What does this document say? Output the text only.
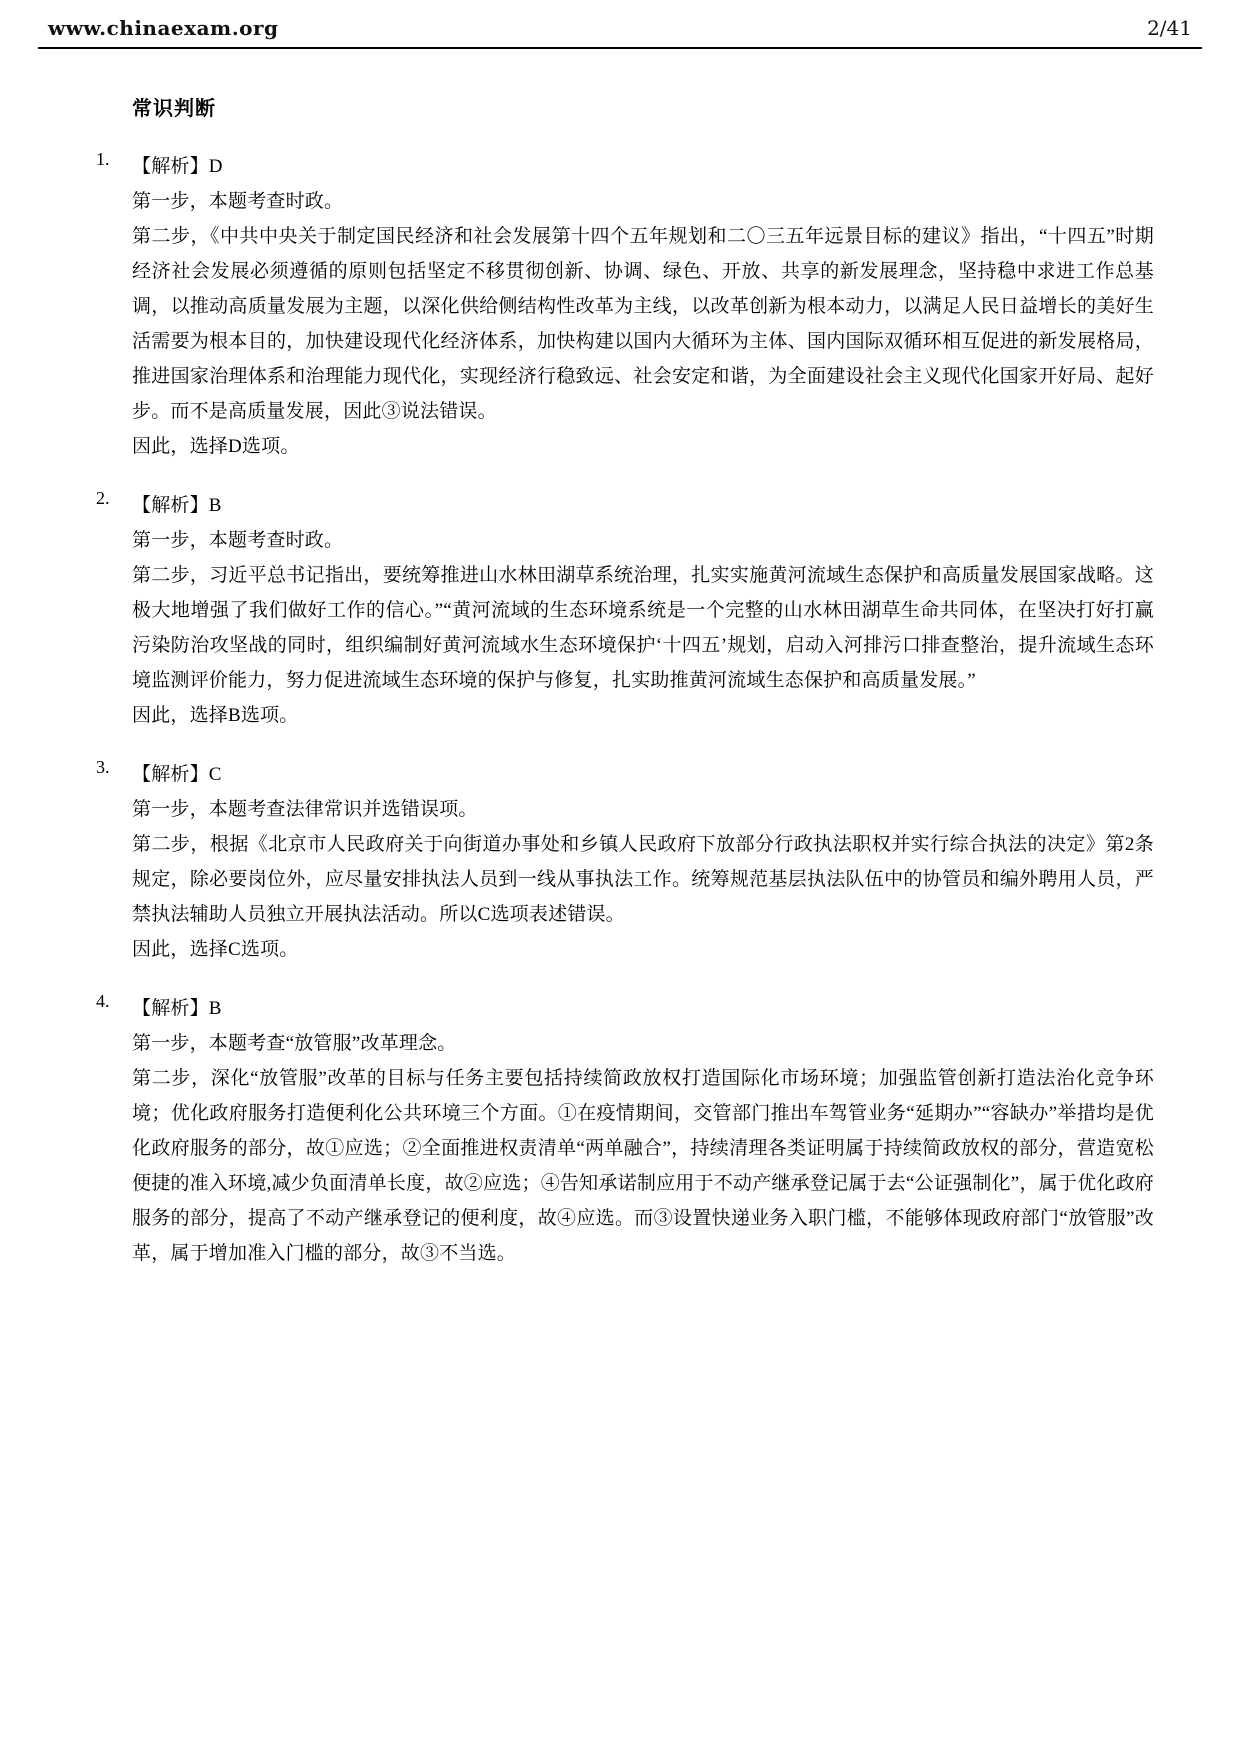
www.chinaexam.org	2/41
常识判断
1.	【解析】D

第一步，本题考查时政。

第二步，《中共中央关于制定国民经济和社会发展第十四个五年规划和二〇三五年远景目标的建议》指出，“十四五”时期经济社会发展必须遵循的原则包括坚定不移贯彻创新、协调、绿色、开放、共享的新发展理念，坚持稳中求进工作总基调，以推动高质量发展为主题，以深化供给侧结构性改革为主线，以改革创新为根本动力，以满足人民日益增长的美好生活需要为根本目的，加快建设现代化经济体系，加快构建以国内大循环为主体、国内国际双循环相互促进的新发展格局，推进国家治理体系和治理能力现代化，实现经济行稳致远、社会安定和谐，为全面建设社会主义现代化国家开好局、起好步。而不是高质量发展，因此③说法错误。

因此，选择D选项。

2.	【解析】B

第一步，本题考查时政。

第二步，习近平总书记指出，要统筹推进山水林田湖草系统治理，扎实实施黄河流域生态保护和高质量发展国家战略。这极大地增强了我们做好工作的信心。”“黄河流域的生态环境系统是一个完整的山水林田湖草生命共同体，在坚决打好打赢污染防治攻坚战的同时，组织编制好黄河流域水生态环境保护‘十四五’规划，启动入河排污口排查整治，提升流域生态环境监测评价能力，努力促进流域生态环境的保护与修复，扎实助推黄河流域生态保护和高质量发展。”

因此，选择B选项。

3.	【解析】C

第一步，本题考查法律常识并选错误项。

第二步，根据《北京市人民政府关于向街道办事处和乡镇人民政府下放部分行政执法职权并实行综合执法的决定》第2条规定，除必要岗位外，应尽量安排执法人员到一线从事执法工作。统筹规范基层执法队伍中的协管员和编外聘用人员，严禁执法辅助人员独立开展执法活动。所以C选项表述错误。

因此，选择C选项。

4.	【解析】B

第一步，本题考查“放管服”改革理念。

第二步，深化“放管服”改革的目标与任务主要包括持续简政放权打造国际化市场环境；加强监管创新打造法治化竞争环境；优化政府服务打造便利化公共环境三个方面。①在疫情期间，交管部门推出车驾管业务“延期办”“容缺办”举措均是优化政府服务的部分，故①应选；②全面推进权责清单“两单融合”，持续清理各类证明属于持续简政放权的部分，营造宽松便捷的准入环境,减少负面清单长度，故②应选；④告知承诺制应用于不动产继承登记属于去“公证强制化”，属于优化政府服务的部分，提高了不动产继承登记的便利度，故④应选。而③设置快递业务入职门槛，不能够体现政府部门“放管服”改革，属于增加准入门槛的部分，故③不当选。
